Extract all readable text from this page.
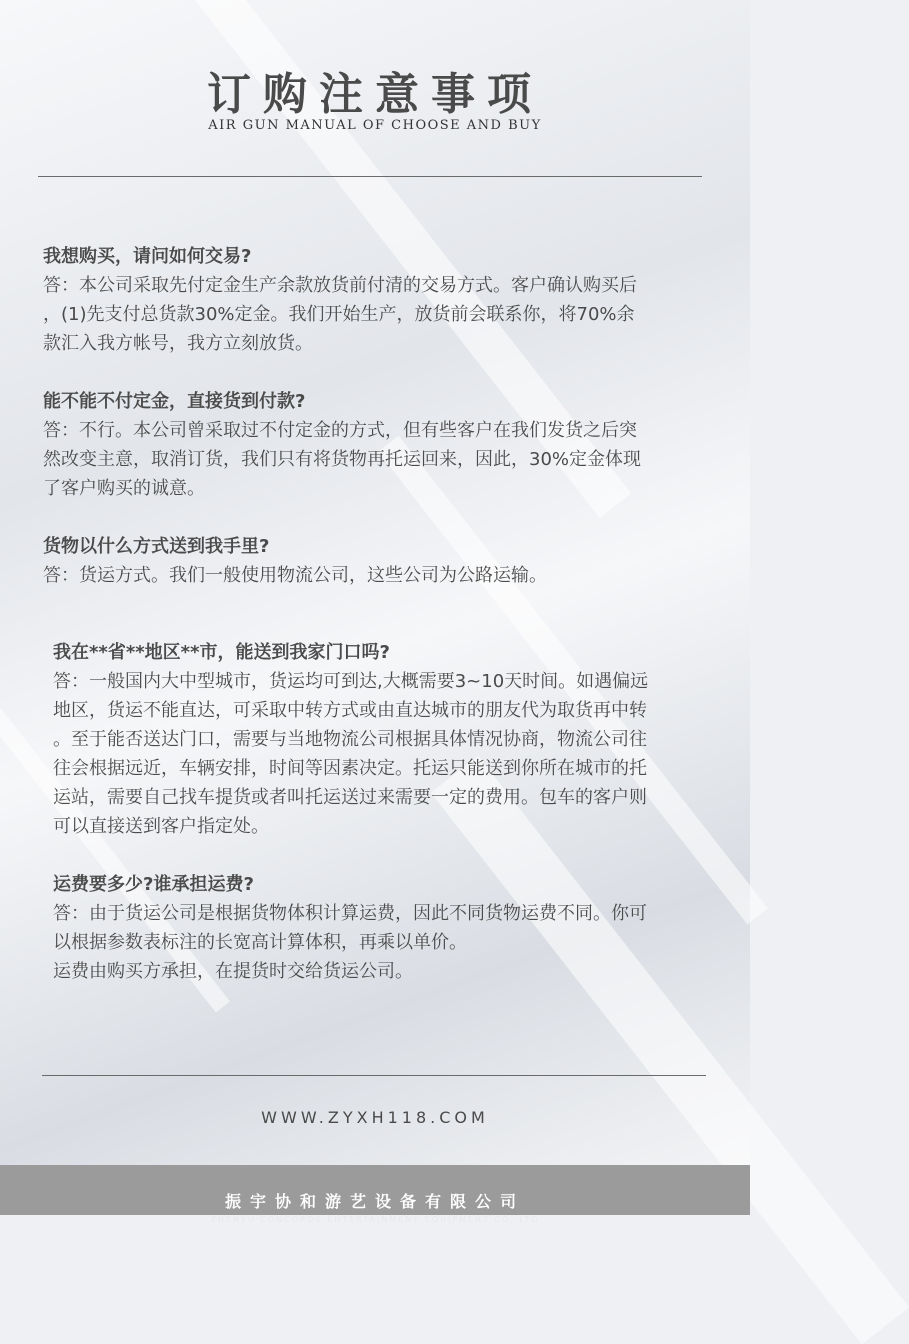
订购注意事项
AIR GUN MANUAL OF CHOOSE AND BUY
我想购买，请问如何交易?
答：本公司采取先付定金生产余款放货前付清的交易方式。客户确认购买后
，(1)先支付总货款30%定金。我们开始生产，放货前会联系你，将70%余
款汇入我方帐号，我方立刻放货。
能不能不付定金，直接货到付款?
答：不行。本公司曾采取过不付定金的方式，但有些客户在我们发货之后突
然改变主意，取消订货，我们只有将货物再托运回来，因此，30%定金体现
了客户购买的诚意。
货物以什么方式送到我手里?
答：货运方式。我们一般使用物流公司，这些公司为公路运输。
我在**省**地区**市，能送到我家门口吗?
答：一般国内大中型城市，货运均可到达,大概需要3~10天时间。如遇偏远
地区，货运不能直达，可采取中转方式或由直达城市的朋友代为取货再中转
。至于能否送达门口，需要与当地物流公司根据具体情况协商，物流公司往
往会根据远近，车辆安排，时间等因素决定。托运只能送到你所在城市的托
运站，需要自己找车提货或者叫托运送过来需要一定的费用。包车的客户则
可以直接送到客户指定处。
运费要多少?谁承担运费?
答：由于货运公司是根据货物体积计算运费，因此不同货物运费不同。你可
以根据参数表标注的长宽高计算体积，再乘以单价。
运费由购买方承担，在提货时交给货运公司。
WWW.ZYXH118.COM
振宇协和游艺设备有限公司
ZHENYU CONCORDE ENTERTAINMENT EQUIPMENT CO.,LTD
